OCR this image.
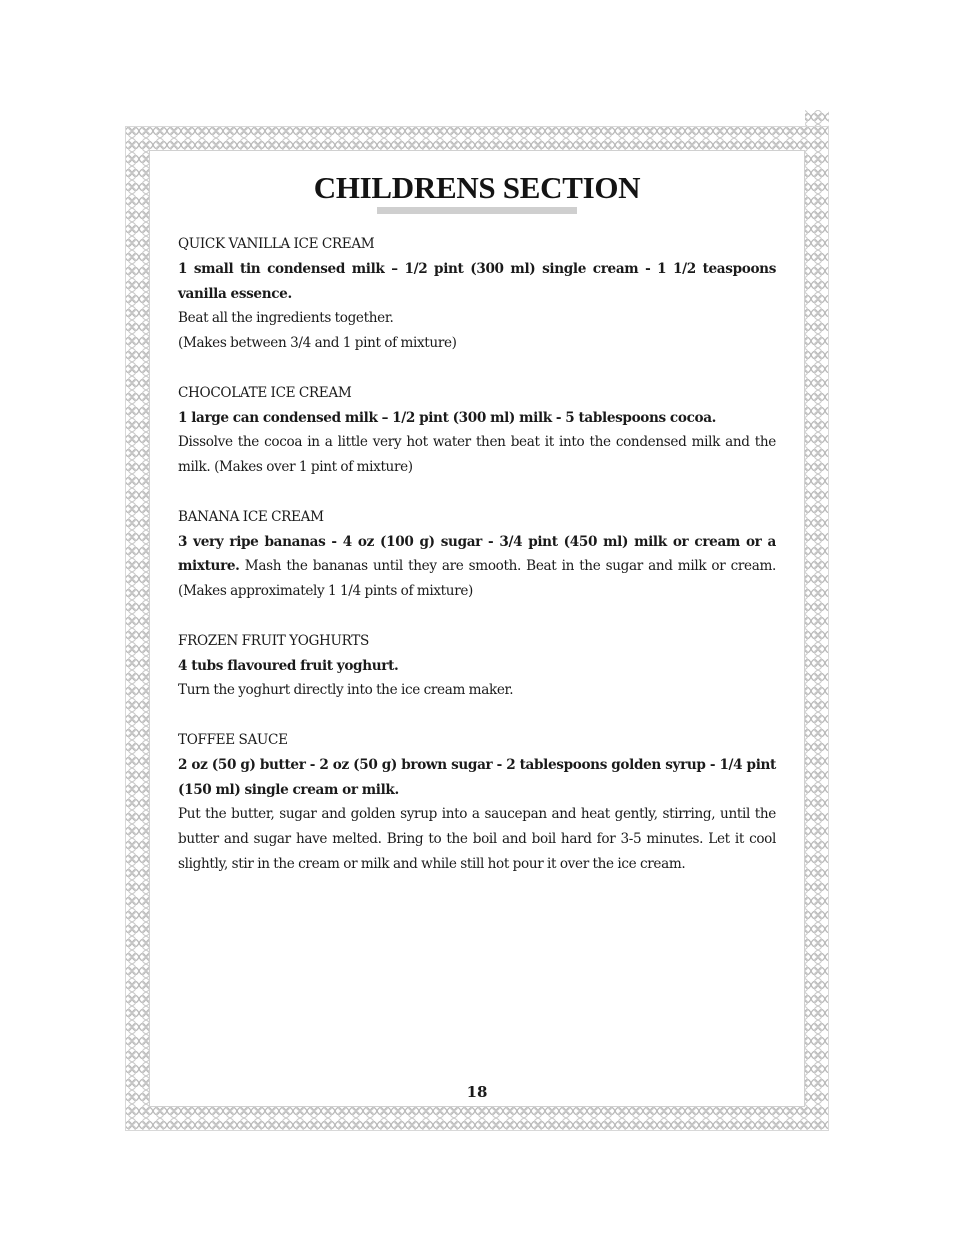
CHILDRENS SECTION

QUICK VANILLA ICE CREAM

1 small tin condensed milk – 1/2 pint (300 ml) single cream - 1 1/2 teaspoons vanilla essence.

Beat all the ingredients together.

(Makes between 3/4 and 1 pint of mixture)

CHOCOLATE ICE CREAM

1 large can condensed milk – 1/2 pint (300 ml) milk - 5 tablespoons cocoa.

Dissolve the cocoa in a little very hot water then beat it into the condensed milk and the milk. (Makes over 1 pint of mixture)

BANANA ICE CREAM

3 very ripe bananas - 4 oz (100 g) sugar - 3/4 pint (450 ml) milk or cream or a mixture. Mash the bananas until they are smooth. Beat in the sugar and milk or cream. (Makes approximately 1 1/4 pints of mixture)

FROZEN FRUIT YOGHURTS

4 tubs flavoured fruit yoghurt.

Turn the yoghurt directly into the ice cream maker.

TOFFEE SAUCE

2 oz (50 g) butter - 2 oz (50 g) brown sugar - 2 tablespoons golden syrup - 1/4 pint (150 ml) single cream or milk.

Put the butter, sugar and golden syrup into a saucepan and heat gently, stirring, until the butter and sugar have melted. Bring to the boil and boil hard for 3-5 minutes. Let it cool slightly, stir in the cream or milk and while still hot pour it over the ice cream.

18
